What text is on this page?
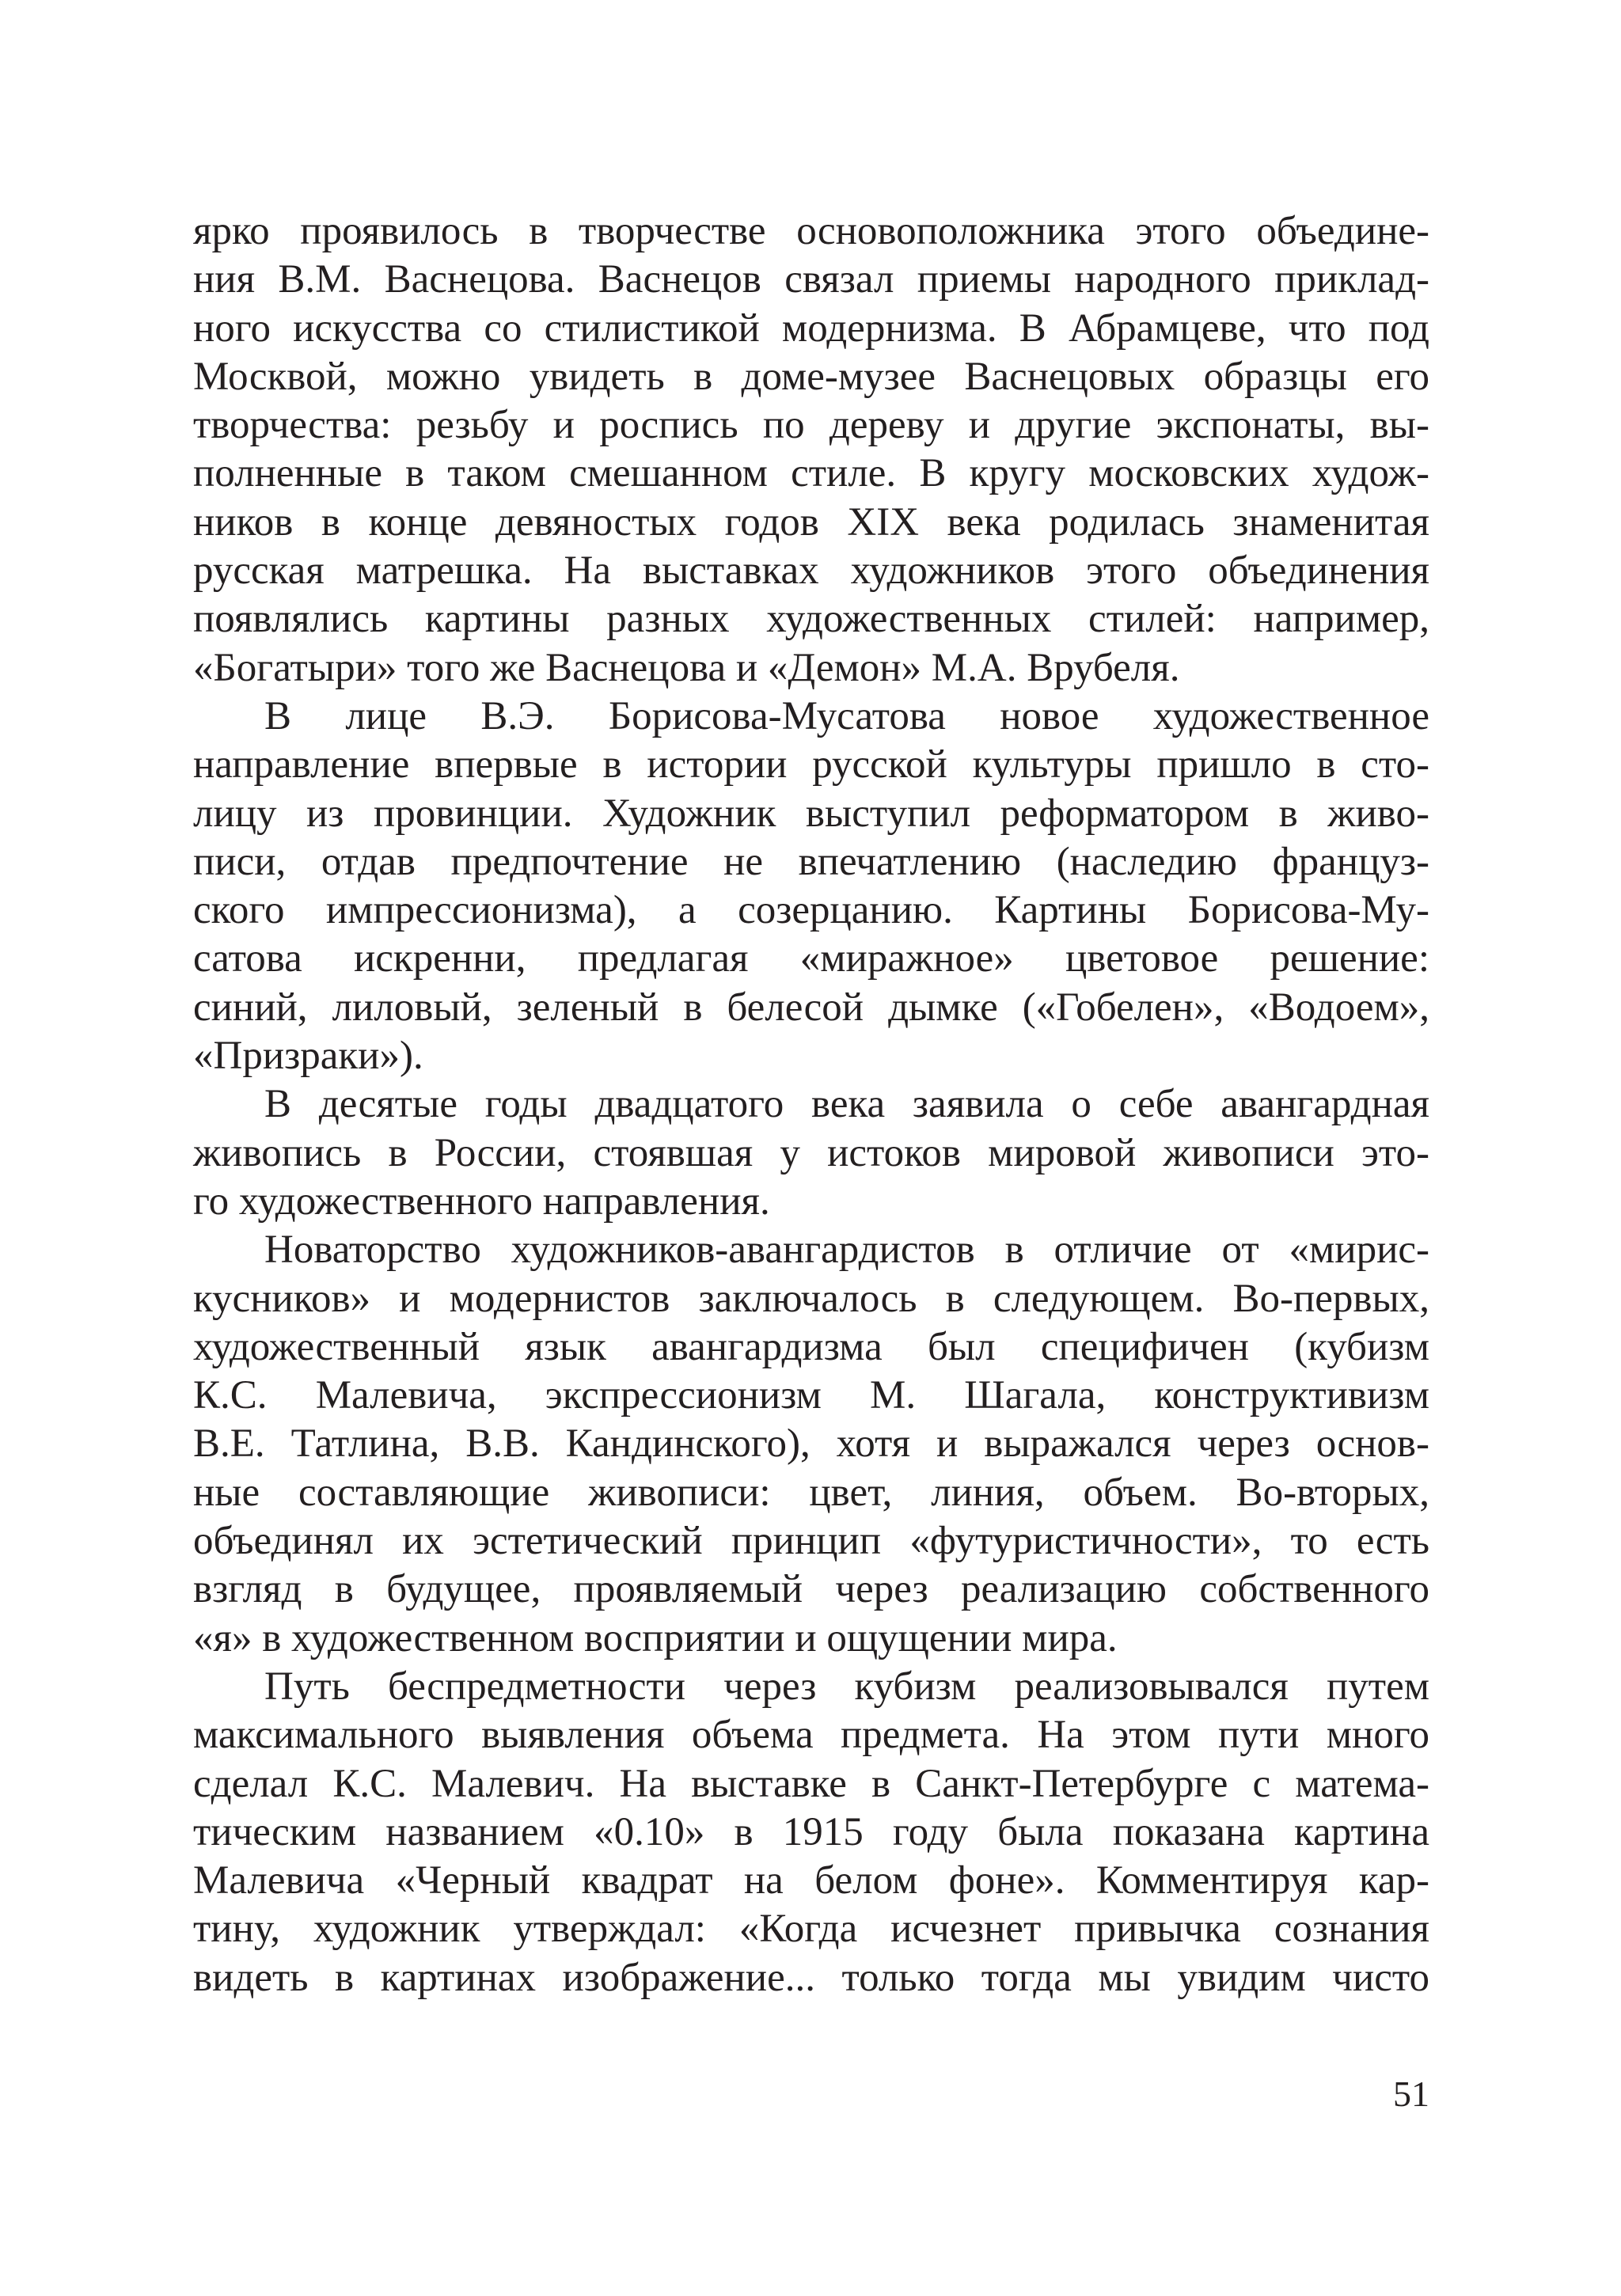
ярко проявилось в творчестве основоположника этого объедине-
ния В.М. Васнецова. Васнецов связал приемы народного приклад-
ного искусства со стилистикой модернизма. В Абрамцеве, что под
Москвой, можно увидеть в доме-музее Васнецовых образцы его
творчества: резьбу и роспись по дереву и другие экспонаты, вы-
полненные в таком смешанном стиле. В кругу московских худож-
ников в конце девяностых годов XIX века родилась знаменитая
русская матрешка. На выставках художников этого объединения
появлялись картины разных художественных стилей: например,
«Богатыри» того же Васнецова и «Демон» М.А. Врубеля.
В лице В.Э. Борисова-Мусатова новое художественное
направление впервые в истории русской культуры пришло в сто-
лицу из провинции. Художник выступил реформатором в живо-
писи, отдав предпочтение не впечатлению (наследию француз-
ского импрессионизма), а созерцанию. Картины Борисова-Му-
сатова искренни, предлагая «миражное» цветовое решение:
синий, лиловый, зеленый в белесой дымке («Гобелен», «Водоем»,
«Призраки»).
В десятые годы двадцатого века заявила о себе авангардная
живопись в России, стоявшая у истоков мировой живописи это-
го художественного направления.
Новаторство художников-авангардистов в отличие от «мирис-
кусников» и модернистов заключалось в следующем. Во-первых,
художественный язык авангардизма был специфичен (кубизм
К.С. Малевича, экспрессионизм М. Шагала, конструктивизм
В.Е. Татлина, В.В. Кандинского), хотя и выражался через основ-
ные составляющие живописи: цвет, линия, объем. Во-вторых,
объединял их эстетический принцип «футуристичности», то есть
взгляд в будущее, проявляемый через реализацию собственного
«я» в художественном восприятии и ощущении мира.
Путь беспредметности через кубизм реализовывался путем
максимального выявления объема предмета. На этом пути много
сделал К.С. Малевич. На выставке в Санкт-Петербурге с матема-
тическим названием «0.10» в 1915 году была показана картина
Малевича «Черный квадрат на белом фоне». Комментируя кар-
тину, художник утверждал: «Когда исчезнет привычка сознания
видеть в картинах изображение... только тогда мы увидим чисто
51
